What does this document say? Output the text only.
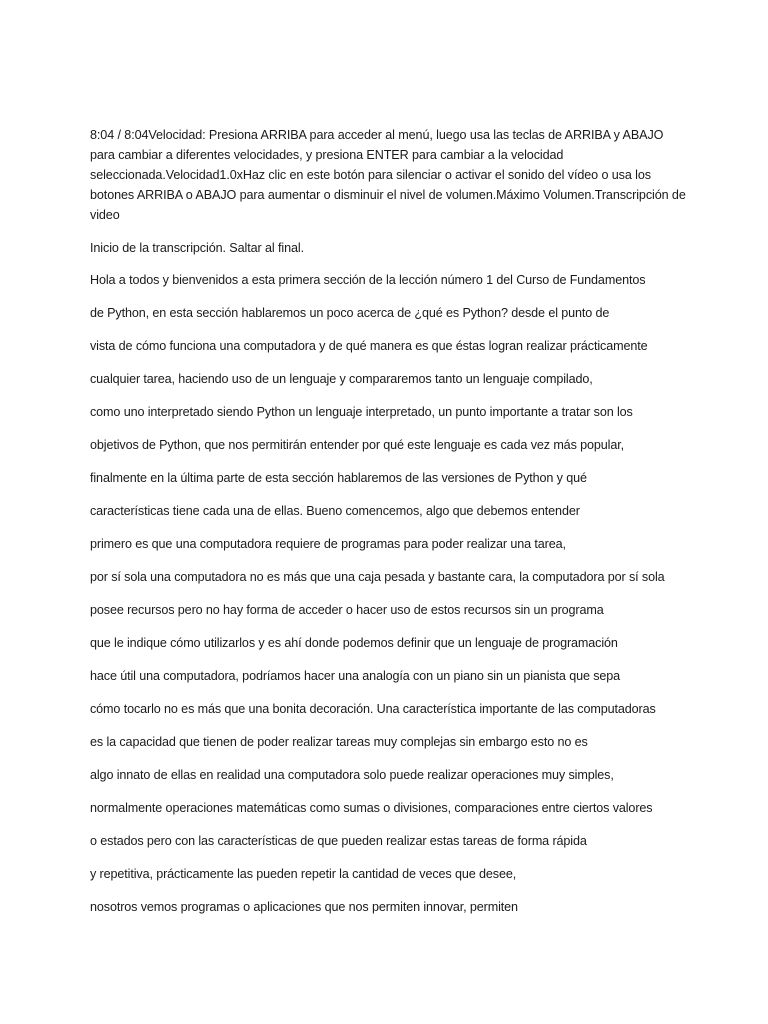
8:04 / 8:04Velocidad: Presiona ARRIBA para acceder al menú, luego usa las teclas de ARRIBA y ABAJO para cambiar a diferentes velocidades, y presiona ENTER para cambiar a la velocidad seleccionada.Velocidad1.0xHaz clic en este botón para silenciar o activar el sonido del vídeo o usa los botones ARRIBA o ABAJO para aumentar o disminuir el nivel de volumen.Máximo Volumen.Transcripción de video

Inicio de la transcripción. Saltar al final.

Hola a todos y bienvenidos a esta primera sección de la lección número 1 del Curso de Fundamentos
de Python, en esta sección hablaremos un poco acerca de ¿qué es Python? desde el punto de
vista de cómo funciona una computadora y de qué manera es que éstas logran realizar prácticamente
cualquier tarea, haciendo uso de un lenguaje y compararemos tanto un lenguaje compilado,
como uno interpretado siendo Python un lenguaje interpretado, un punto importante a tratar son los
objetivos de Python, que nos permitirán entender por qué este lenguaje es cada vez más popular,
finalmente en la última parte de esta sección hablaremos de las versiones de Python y qué
características tiene cada una de ellas. Bueno comencemos, algo que debemos entender
primero es que una computadora requiere de programas para poder realizar una tarea,
por sí sola una computadora no es más que una caja pesada y bastante cara, la computadora por sí sola
posee recursos pero no hay forma de acceder o hacer uso de estos recursos sin un programa
que le indique cómo utilizarlos y es ahí donde podemos definir que un lenguaje de programación
hace útil una computadora, podríamos hacer una analogía con un piano sin un pianista que sepa
cómo tocarlo no es más que una bonita decoración. Una característica importante de las computadoras
es la capacidad que tienen de poder realizar tareas muy complejas sin embargo esto no es
algo innato de ellas en realidad una computadora solo puede realizar operaciones muy simples,
normalmente operaciones matemáticas como sumas o divisiones, comparaciones entre ciertos valores
o estados pero con las características de que pueden realizar estas tareas de forma rápida
y repetitiva, prácticamente las pueden repetir la cantidad de veces que desee,
nosotros vemos programas o aplicaciones que nos permiten innovar, permiten
